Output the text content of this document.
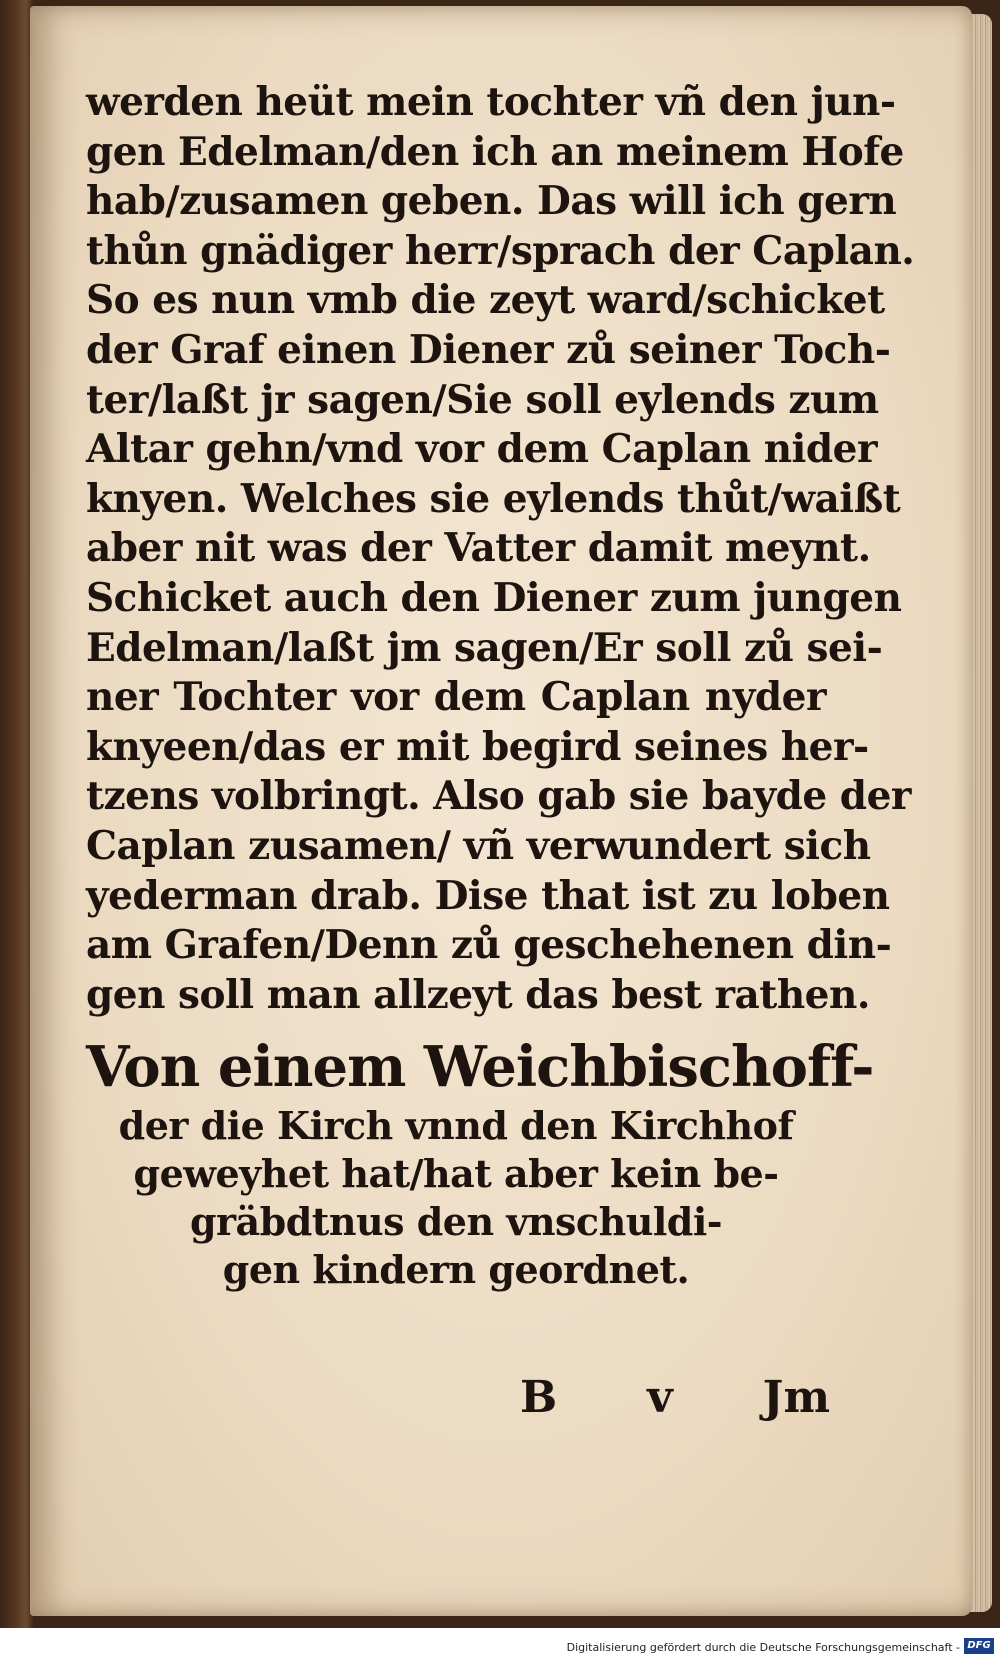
werden heüt mein tochter vñ den jun-
gen Edelman/den ich an meinem Hofe
hab/zusamen geben. Das will ich gern
thůn gnädiger herr/sprach der Caplan.
So es nun vmb die zeyt ward/schicket
der Graf einen Diener zů seiner Toch-
ter/laßt jr sagen/Sie soll eylends zum
Altar gehn/vnd vor dem Caplan nider
knyen. Welches sie eylends thůt/waißt
aber nit was der Vatter damit meynt.
Schicket auch den Diener zum jungen
Edelman/laßt jm sagen/Er soll zů sei-
ner Tochter vor dem Caplan nyder
knyeen/das er mit begird seines her-
tzens volbringt. Also gab sie bayde der
Caplan zusamen/ vñ verwundert sich
yederman drab. Dise that ist zu loben
am Grafen/Denn zů geschehenen din-
gen soll man allzeyt das best rathen.
Von einem Weichbischoff-
der die Kirch vnnd den Kirchhof
geweyhet hat/hat aber kein be-
gräbdtnus den vnschuldi-
gen kindern geordnet.
B v Jm
Digitalisierung gefördert durch die Deutsche Forschungsgemeinschaft - DFG
